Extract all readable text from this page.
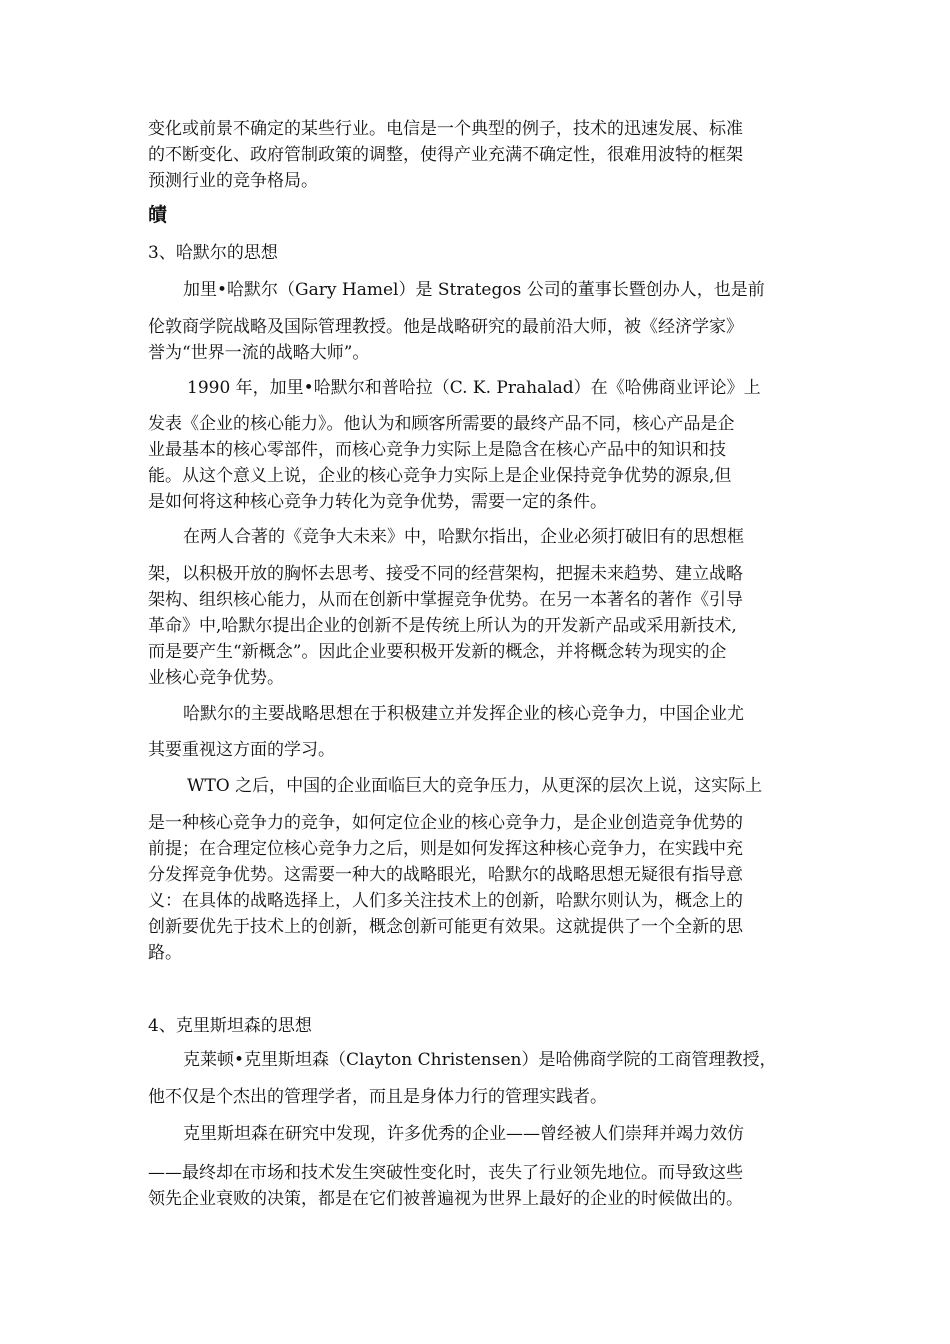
变化或前景不确定的某些行业。电信是一个典型的例子，技术的迅速发展、标准
的不断变化、政府管制政策的调整，使得产业充满不确定性，很难用波特的框架
预测行业的竞争格局。
皟
3、哈默尔的思想
加里•哈默尔（Gary Hamel）是 Strategos 公司的董事长暨创办人，也是前
伦敦商学院战略及国际管理教授。他是战略研究的最前沿大师，被《经济学家》
誉为“世界一流的战略大师”。
1990 年，加里•哈默尔和普哈拉（C. K. Prahalad）在《哈佛商业评论》上
发表《企业的核心能力》。他认为和顾客所需要的最终产品不同，核心产品是企
业最基本的核心零部件，而核心竞争力实际上是隐含在核心产品中的知识和技
能。从这个意义上说，企业的核心竞争力实际上是企业保持竞争优势的源泉,但
是如何将这种核心竞争力转化为竞争优势，需要一定的条件。
在两人合著的《竞争大未来》中，哈默尔指出，企业必须打破旧有的思想框
架，以积极开放的胸怀去思考、接受不同的经营架构，把握未来趋势、建立战略
架构、组织核心能力，从而在创新中掌握竞争优势。在另一本著名的著作《引导
革命》中,哈默尔提出企业的创新不是传统上所认为的开发新产品或采用新技术,
而是要产生“新概念”。因此企业要积极开发新的概念，并将概念转为现实的企
业核心竞争优势。
哈默尔的主要战略思想在于积极建立并发挥企业的核心竞争力，中国企业尤
其要重视这方面的学习。
WTO 之后，中国的企业面临巨大的竞争压力，从更深的层次上说，这实际上
是一种核心竞争力的竞争，如何定位企业的核心竞争力，是企业创造竞争优势的
前提；在合理定位核心竞争力之后，则是如何发挥这种核心竞争力，在实践中充
分发挥竞争优势。这需要一种大的战略眼光，哈默尔的战略思想无疑很有指导意
义：在具体的战略选择上，人们多关注技术上的创新，哈默尔则认为，概念上的
创新要优先于技术上的创新，概念创新可能更有效果。这就提供了一个全新的思
路。
4、克里斯坦森的思想
克莱顿•克里斯坦森（Clayton Christensen）是哈佛商学院的工商管理教授，
他不仅是个杰出的管理学者，而且是身体力行的管理实践者。
克里斯坦森在研究中发现，许多优秀的企业——曾经被人们崇拜并竭力效仿
——最终却在市场和技术发生突破性变化时，丧失了行业领先地位。而导致这些
领先企业衰败的决策，都是在它们被普遍视为世界上最好的企业的时候做出的。
